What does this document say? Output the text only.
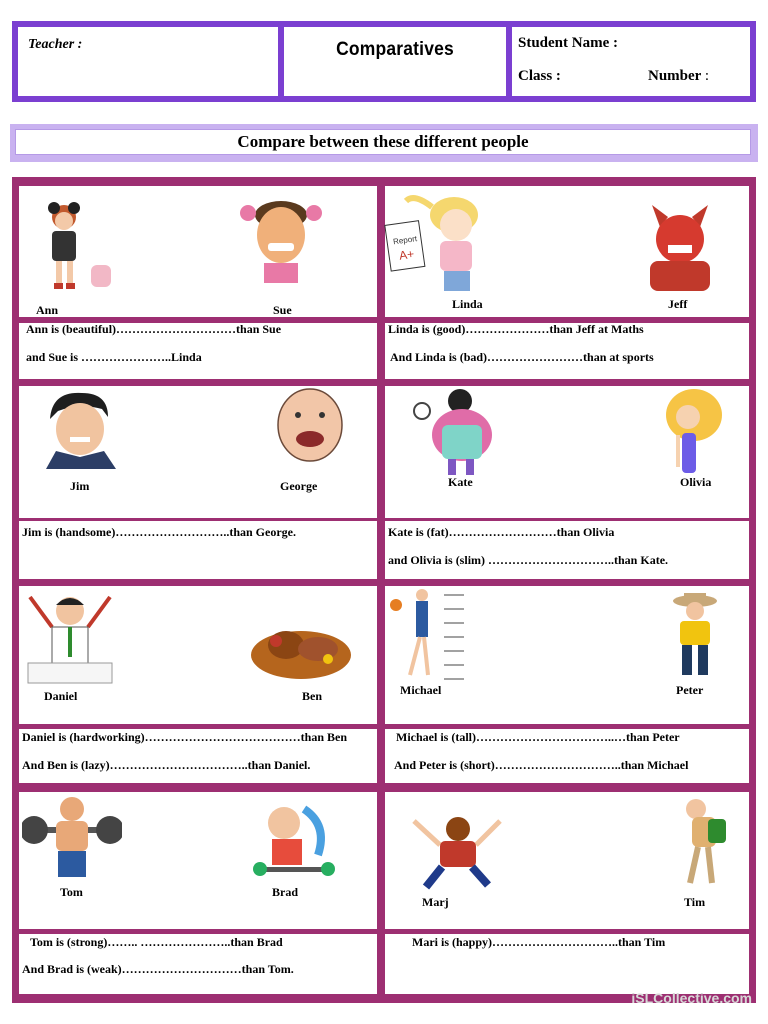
Teacher :	Comparatives	Student Name :
Class :	Number :
Compare between these different people
Ann	Sue
Report
A+
Linda	Jeff
Ann is (beautiful)…………………………than Sue
and Sue is …………………..Linda
Linda is (good)…………………than Jeff at Maths
And Linda is (bad)……………………than at sports
Jim	George	Kate	Olivia
Jim is (handsome)………………………..than George.	Kate is (fat)………………………than Olivia
and Olivia is (slim) …………………………..than Kate.
Daniel	Ben	Michael	Peter
Daniel is (hardworking)…………………………………than Ben
And Ben is (lazy)……………………………..than Daniel.
Michael is (tall)……………………………..…than Peter
And Peter is (short)…………………………..than Michael
Tom	Brad
Marj	Tim
Tom is (strong)…….. …………………..than Brad
And Brad is (weak)…………………………than Tom.
Mari is (happy)…………………………..than Tim
iSLCollective.com
